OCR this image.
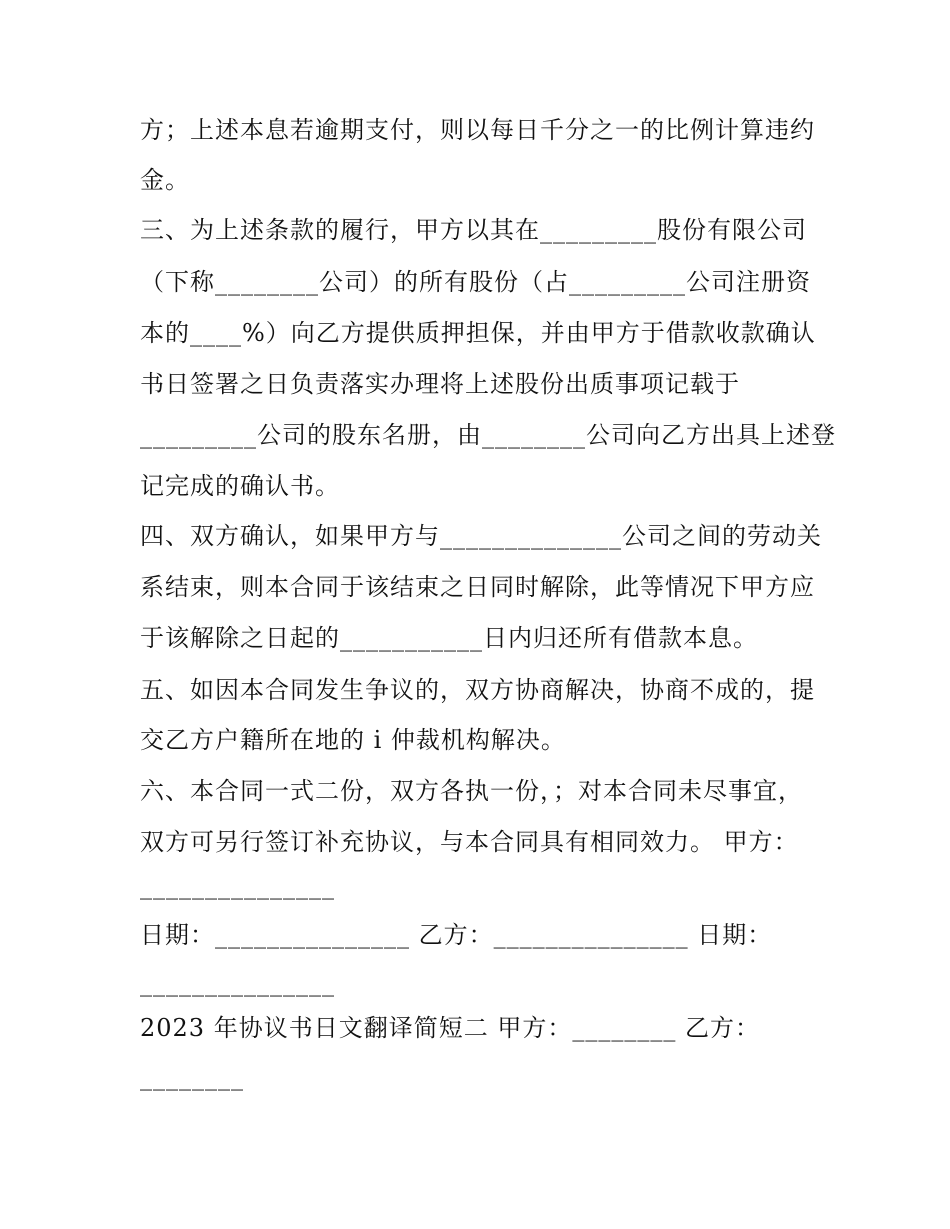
方；上述本息若逾期支付，则以每日千分之一的比例计算违约
金。
三、为上述条款的履行，甲方以其在_________股份有限公司
（下称________公司）的所有股份（占_________公司注册资
本的____%）向乙方提供质押担保，并由甲方于借款收款确认
书日签署之日负责落实办理将上述股份出质事项记载于
_________公司的股东名册，由________公司向乙方出具上述登
记完成的确认书。
四、双方确认，如果甲方与______________公司之间的劳动关
系结束，则本合同于该结束之日同时解除，此等情况下甲方应
于该解除之日起的___________日内归还所有借款本息。
五、如因本合同发生争议的，双方协商解决，协商不成的，提
交乙方户籍所在地的 i 仲裁机构解决。
六、本合同一式二份，双方各执一份，；对本合同未尽事宜，
双方可另行签订补充协议，与本合同具有相同效力。 甲方：
_______________
日期：_______________ 乙方：_______________ 日期：
_______________
2023 年协议书日文翻译简短二 甲方：________ 乙方：
________
